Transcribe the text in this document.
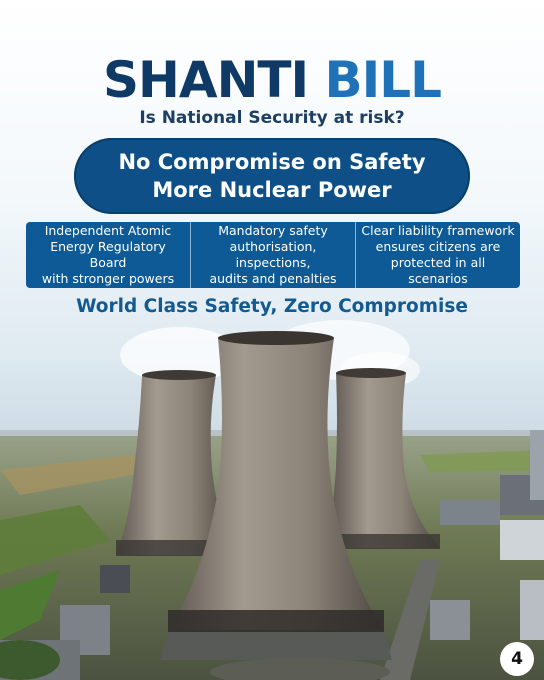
SHANTI BILL
Is National Security at risk?
No Compromise on Safety
More Nuclear Power
Independent Atomic
Energy Regulatory Board
with stronger powers
Mandatory safety
authorisation, inspections,
audits and penalties
Clear liability framework
ensures citizens are
protected in all scenarios
World Class Safety, Zero Compromise
4
